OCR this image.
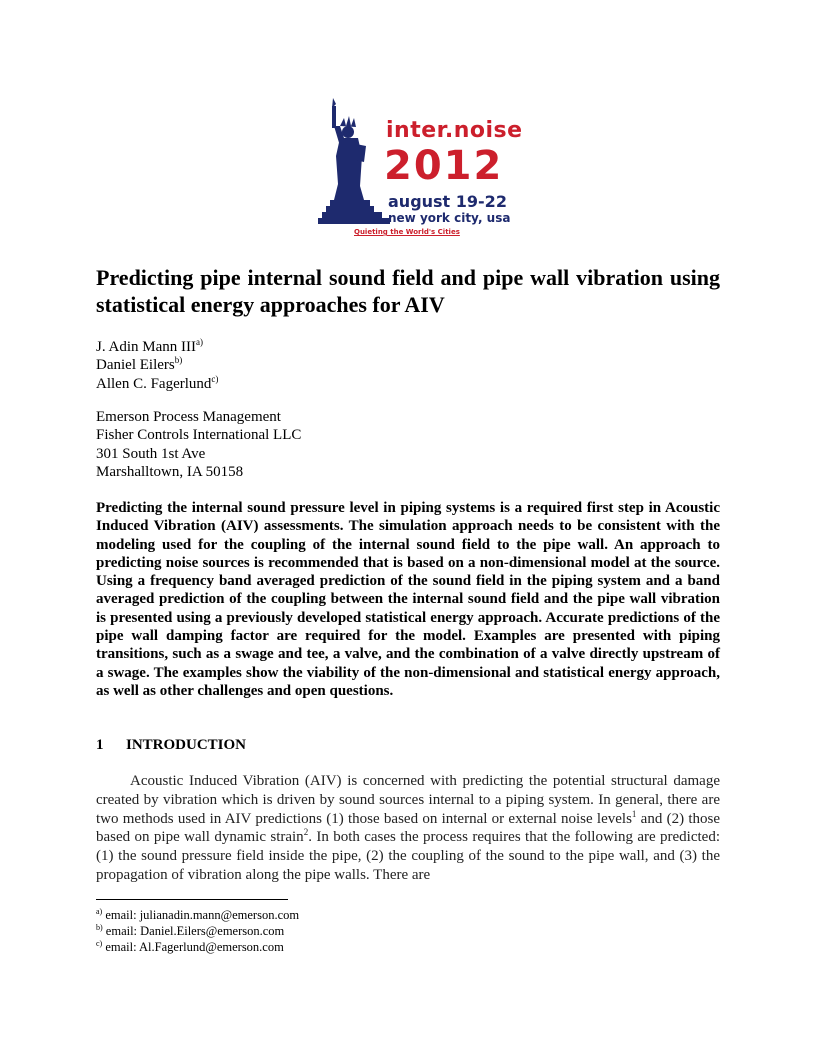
inter.noise
2012
august 19-22
new york city, usa
Quieting the World's Cities
Predicting pipe internal sound field and pipe wall vibration using statistical energy approaches for AIV
J. Adin Mann III$^{a)}$
Daniel Eilers$^{b)}$
Allen C. Fagerlund$^{c)}$
Emerson Process Management
Fisher Controls International LLC
301 South 1st Ave
Marshalltown, IA 50158
Predicting the internal sound pressure level in piping systems is a required first step in Acoustic Induced Vibration (AIV) assessments. The simulation approach needs to be consistent with the modeling used for the coupling of the internal sound field to the pipe wall. An approach to predicting noise sources is recommended that is based on a non-dimensional model at the source. Using a frequency band averaged prediction of the sound field in the piping system and a band averaged prediction of the coupling between the internal sound field and the pipe wall vibration is presented using a previously developed statistical energy approach. Accurate predictions of the pipe wall damping factor are required for the model. Examples are presented with piping transitions, such as a swage and tee, a valve, and the combination of a valve directly upstream of a swage. The examples show the viability of the non-dimensional and statistical energy approach, as well as other challenges and open questions.
1 INTRODUCTION
Acoustic Induced Vibration (AIV) is concerned with predicting the potential structural damage created by vibration which is driven by sound sources internal to a piping system. In general, there are two methods used in AIV predictions (1) those based on internal or external noise levels$^1$ and (2) those based on pipe wall dynamic strain$^2$. In both cases the process requires that the following are predicted: (1) the sound pressure field inside the pipe, (2) the coupling of the sound to the pipe wall, and (3) the propagation of vibration along the pipe walls. There are
$^{a)}$ email: julianadin.mann@emerson.com
$^{b)}$ email: Daniel.Eilers@emerson.com
$^{c)}$ email: Al.Fagerlund@emerson.com
